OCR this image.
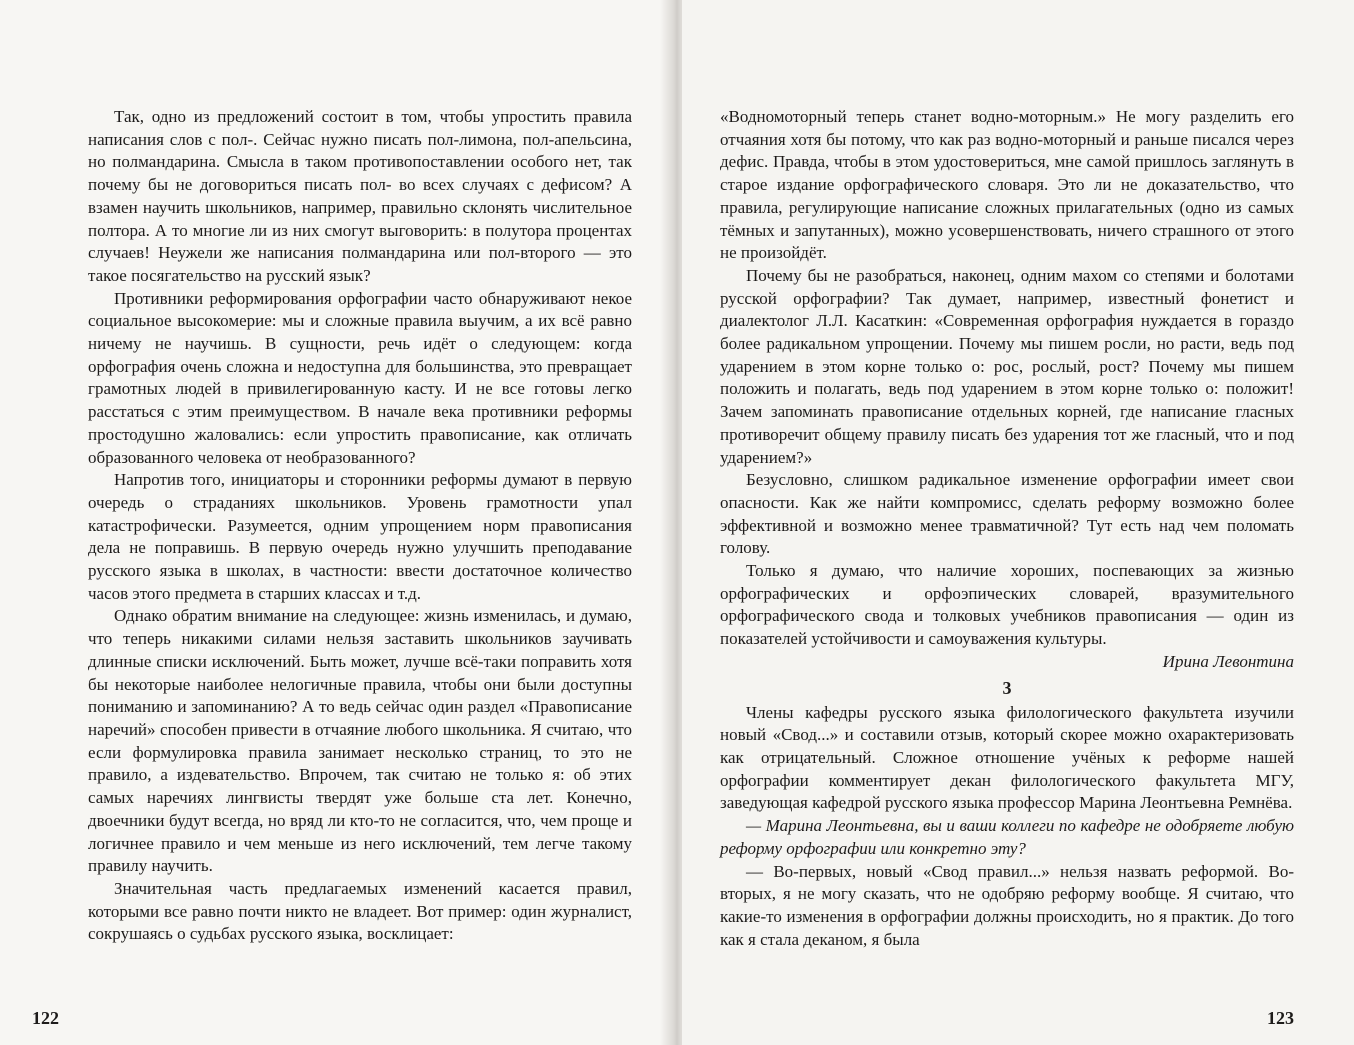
Так, одно из предложений состоит в том, чтобы упростить правила написания слов с пол-. Сейчас нужно писать пол-лимона, пол-апельсина, но полмандарина. Смысла в таком противопоставлении особого нет, так почему бы не договориться писать пол- во всех случаях с дефисом? А взамен научить школьников, например, правильно склонять числительное полтора. А то многие ли из них смогут выговорить: в полутора процентах случаев! Неужели же написания полмандарина или пол-второго — это такое посягательство на русский язык?

Противники реформирования орфографии часто обнаруживают некое социальное высокомерие: мы и сложные правила выучим, а их всё равно ничему не научишь. В сущности, речь идёт о следующем: когда орфография очень сложна и недоступна для большинства, это превращает грамотных людей в привилегированную касту. И не все готовы легко расстаться с этим преимуществом. В начале века противники реформы простодушно жаловались: если упростить правописание, как отличать образованного человека от необразованного?

Напротив того, инициаторы и сторонники реформы думают в первую очередь о страданиях школьников. Уровень грамотности упал катастрофически. Разумеется, одним упрощением норм правописания дела не поправишь. В первую очередь нужно улучшить преподавание русского языка в школах, в частности: ввести достаточное количество часов этого предмета в старших классах и т.д.

Однако обратим внимание на следующее: жизнь изменилась, и думаю, что теперь никакими силами нельзя заставить школьников заучивать длинные списки исключений. Быть может, лучше всё-таки поправить хотя бы некоторые наиболее нелогичные правила, чтобы они были доступны пониманию и запоминанию? А то ведь сейчас один раздел «Правописание наречий» способен привести в отчаяние любого школьника. Я считаю, что если формулировка правила занимает несколько страниц, то это не правило, а издевательство. Впрочем, так считаю не только я: об этих самых наречиях лингвисты твердят уже больше ста лет. Конечно, двоечники будут всегда, но вряд ли кто-то не согласится, что, чем проще и логичнее правило и чем меньше из него исключений, тем легче такому правилу научить.

Значительная часть предлагаемых изменений касается правил, которыми все равно почти никто не владеет. Вот пример: один журналист, сокрушаясь о судьбах русского языка, восклицает:

122

«Водномоторный теперь станет водно-моторным.» Не могу разделить его отчаяния хотя бы потому, что как раз водно-моторный и раньше писался через дефис. Правда, чтобы в этом удостовериться, мне самой пришлось заглянуть в старое издание орфографического словаря. Это ли не доказательство, что правила, регулирующие написание сложных прилагательных (одно из самых тёмных и запутанных), можно усовершенствовать, ничего страшного от этого не произойдёт.

Почему бы не разобраться, наконец, одним махом со степями и болотами русской орфографии? Так думает, например, известный фонетист и диалектолог Л.Л. Касаткин: «Современная орфография нуждается в гораздо более радикальном упрощении. Почему мы пишем росли, но расти, ведь под ударением в этом корне только о: рос, рослый, рост? Почему мы пишем положить и полагать, ведь под ударением в этом корне только о: положит! Зачем запоминать правописание отдельных корней, где написание гласных противоречит общему правилу писать без ударения тот же гласный, что и под ударением?»

Безусловно, слишком радикальное изменение орфографии имеет свои опасности. Как же найти компромисс, сделать реформу возможно более эффективной и возможно менее травматичной? Тут есть над чем поломать голову.

Только я думаю, что наличие хороших, поспевающих за жизнью орфографических и орфоэпических словарей, вразумительного орфографического свода и толковых учебников правописания — один из показателей устойчивости и самоуважения культуры.

Ирина Левонтина
3

Члены кафедры русского языка филологического факультета изучили новый «Свод...» и составили отзыв, который скорее можно охарактеризовать как отрицательный. Сложное отношение учёных к реформе нашей орфографии комментирует декан филологического факультета МГУ, заведующая кафедрой русского языка профессор Марина Леонтьевна Ремнёва.

— Марина Леонтьевна, вы и ваши коллеги по кафедре не одобряете любую реформу орфографии или конкретно эту?

— Во-первых, новый «Свод правил...» нельзя назвать реформой. Во-вторых, я не могу сказать, что не одобряю реформу вообще. Я считаю, что какие-то изменения в орфографии должны происходить, но я практик. До того как я стала деканом, я была

123
